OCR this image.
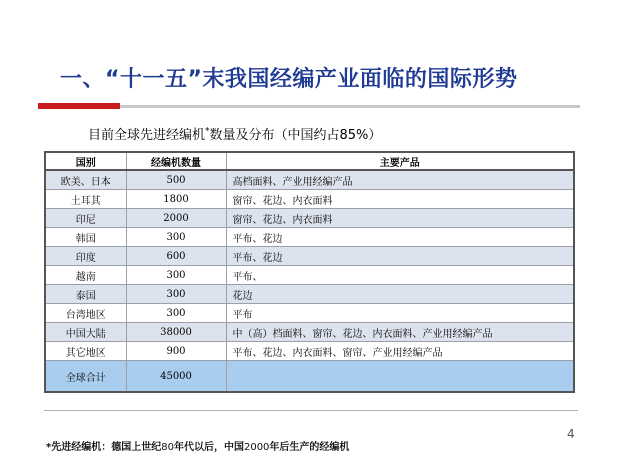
一、“十一五”末我国经编产业面临的国际形势
目前全球先进经编机*数量及分布（中国约占85%）
国别	经编机数量	主要产品
欧美、日本	500	高档面料、产业用经编产品
土耳其	1800	窗帘、花边、内衣面料
印尼	2000	窗帘、花边、内衣面料
韩国	300	平布、花边
印度	600	平布、花边
越南	300	平布、
泰国	300	花边
台湾地区	300	平布
中国大陆	38000	中（高）档面料、窗帘、花边、内衣面料、产业用经编产品
其它地区	900	平布、花边、内衣面料、窗帘、产业用经编产品
全球合计	45000	
4
*先进经编机：德国上世纪80年代以后，中国2000年后生产的经编机
